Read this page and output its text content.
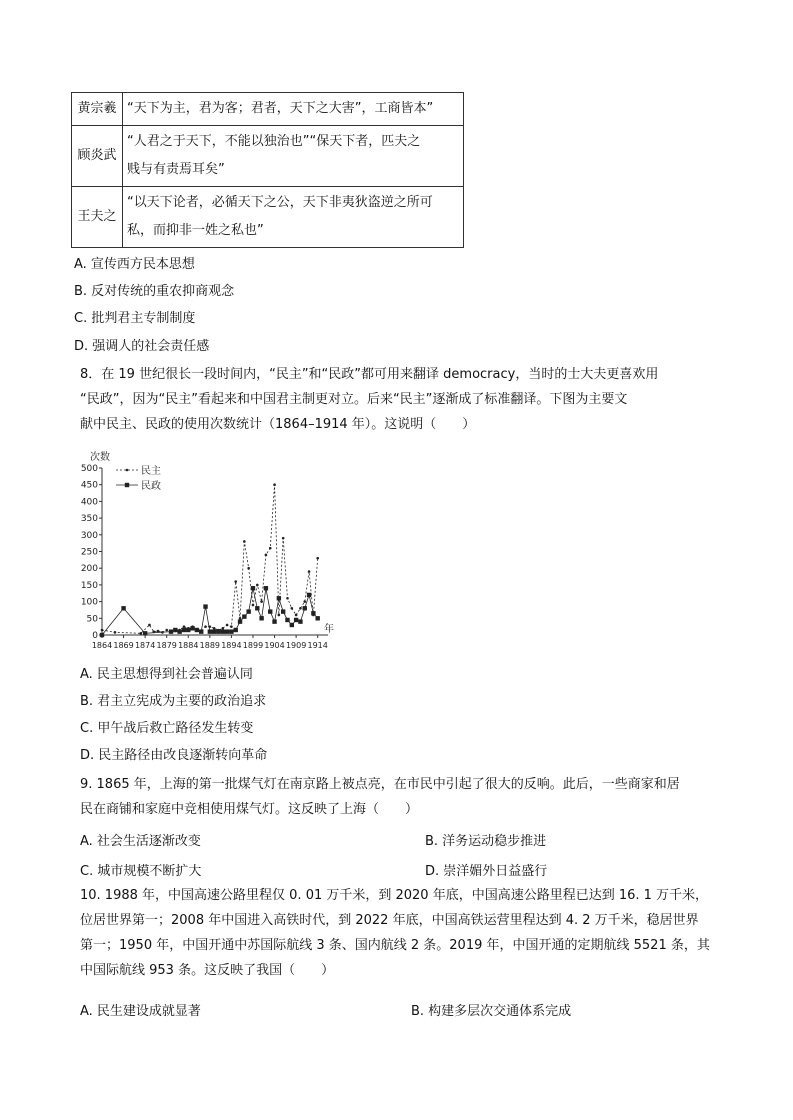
黄宗羲	“天下为主，君为客；君者，天下之大害”，工商皆本”
顾炎武	“人君之于天下，不能以独治也”“保天下者，匹夫之
贱与有责焉耳矣”
王夫之	“以天下论者，必循天下之公，天下非夷狄盗逆之所可
私，而抑非一姓之私也”
A. 宣传西方民本思想
B. 反对传统的重农抑商观念
C. 批判君主专制制度
D. 强调人的社会责任感
8．在 19 世纪很长一段时间内，“民主”和“民政”都可用来翻译 democracy，当时的士大夫更喜欢用
“民政”，因为“民主”看起来和中国君主制更对立。后来“民主”逐渐成了标准翻译。下图为主要文
献中民主、民政的使用次数统计（1864–1914 年）。这说明（　　）
0
50
100
150
200
250
300
350
400
450
500
1864 1869 1874 1879 1884 1889 1894 1899 1904 1909 1914
次数
年
民主
民政
A. 民主思想得到社会普遍认同
B. 君主立宪成为主要的政治追求
C. 甲午战后救亡路径发生转变
D. 民主路径由改良逐渐转向革命
9. 1865 年，上海的第一批煤气灯在南京路上被点亮，在市民中引起了很大的反响。此后，一些商家和居
民在商铺和家庭中竞相使用煤气灯。这反映了上海（　　）
A. 社会生活逐渐改变	B. 洋务运动稳步推进
C. 城市规模不断扩大	D. 崇洋媚外日益盛行
10. 1988 年，中国高速公路里程仅 0. 01 万千米，到 2020 年底，中国高速公路里程已达到 16. 1 万千米，
位居世界第一；2008 年中国进入高铁时代，到 2022 年底，中国高铁运营里程达到 4. 2 万千米，稳居世界
第一；1950 年，中国开通中苏国际航线 3 条、国内航线 2 条。2019 年，中国开通的定期航线 5521 条，其
中国际航线 953 条。这反映了我国（　　）
A. 民生建设成就显著	B. 构建多层次交通体系完成
